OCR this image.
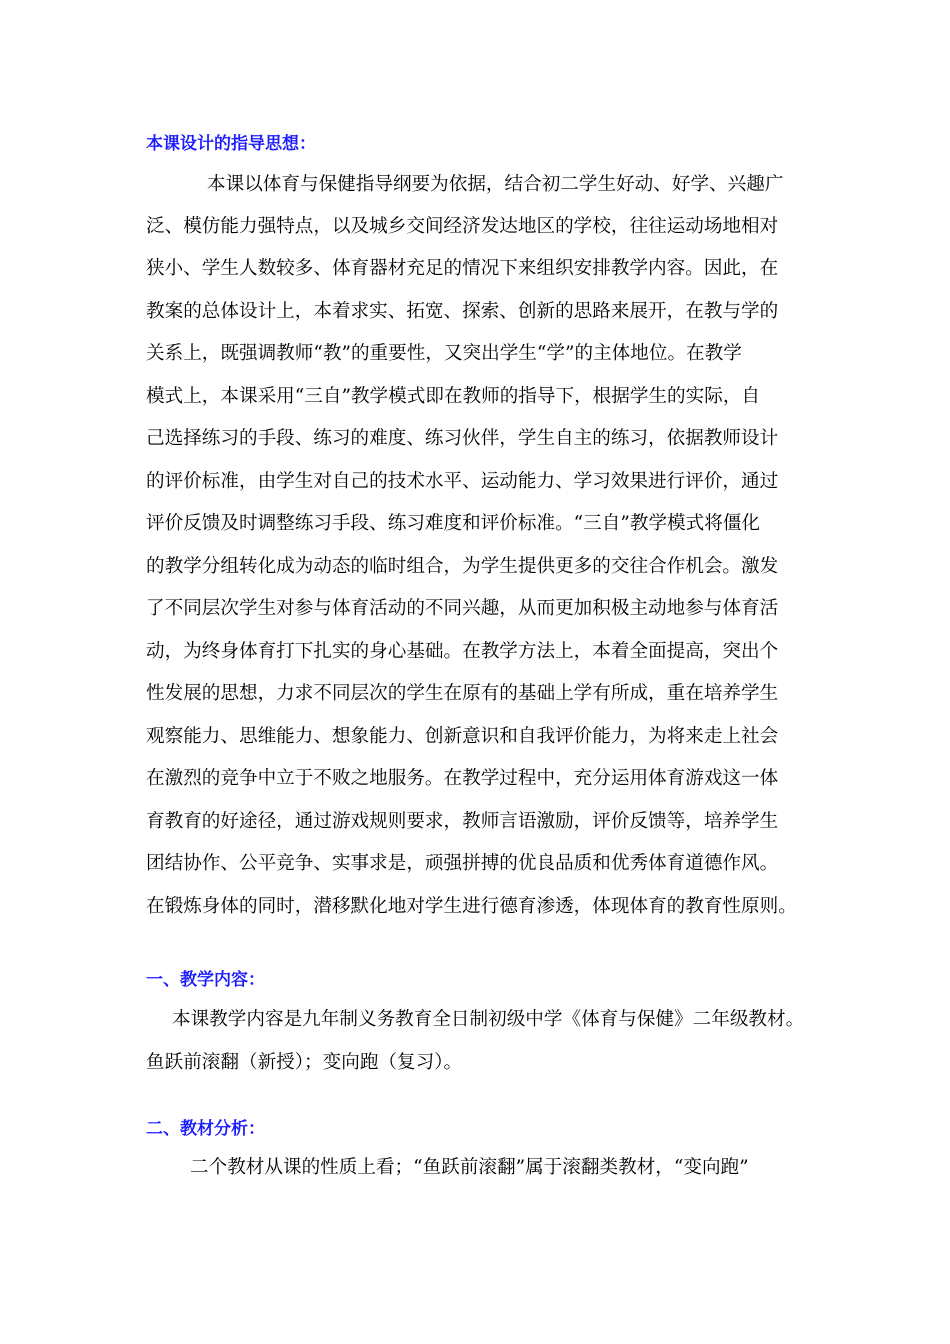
本课设计的指导思想：

本课以体育与保健指导纲要为依据，结合初二学生好动、好学、兴趣广

泛、模仿能力强特点，以及城乡交间经济发达地区的学校，往往运动场地相对

狭小、学生人数较多、体育器材充足的情况下来组织安排教学内容。因此，在

教案的总体设计上，本着求实、拓宽、探索、创新的思路来展开，在教与学的

关系上，既强调教师“教”的重要性，又突出学生“学”的主体地位。在教学

模式上，本课采用“三自”教学模式即在教师的指导下，根据学生的实际，自

己选择练习的手段、练习的难度、练习伙伴，学生自主的练习，依据教师设计

的评价标准，由学生对自己的技术水平、运动能力、学习效果进行评价，通过

评价反馈及时调整练习手段、练习难度和评价标准。“三自”教学模式将僵化

的教学分组转化成为动态的临时组合，为学生提供更多的交往合作机会。激发

了不同层次学生对参与体育活动的不同兴趣，从而更加积极主动地参与体育活

动，为终身体育打下扎实的身心基础。在教学方法上，本着全面提高，突出个

性发展的思想，力求不同层次的学生在原有的基础上学有所成，重在培养学生

观察能力、思维能力、想象能力、创新意识和自我评价能力，为将来走上社会

在激烈的竞争中立于不败之地服务。在教学过程中，充分运用体育游戏这一体

育教育的好途径，通过游戏规则要求，教师言语激励，评价反馈等，培养学生

团结协作、公平竞争、实事求是，顽强拼搏的优良品质和优秀体育道德作风。

在锻炼身体的同时，潜移默化地对学生进行德育渗透，体现体育的教育性原则。

一、教学内容：

本课教学内容是九年制义务教育全日制初级中学《体育与保健》二年级教材。

鱼跃前滚翻（新授）；变向跑（复习）。

二、教材分析：

二个教材从课的性质上看；“鱼跃前滚翻”属于滚翻类教材，“变向跑”
